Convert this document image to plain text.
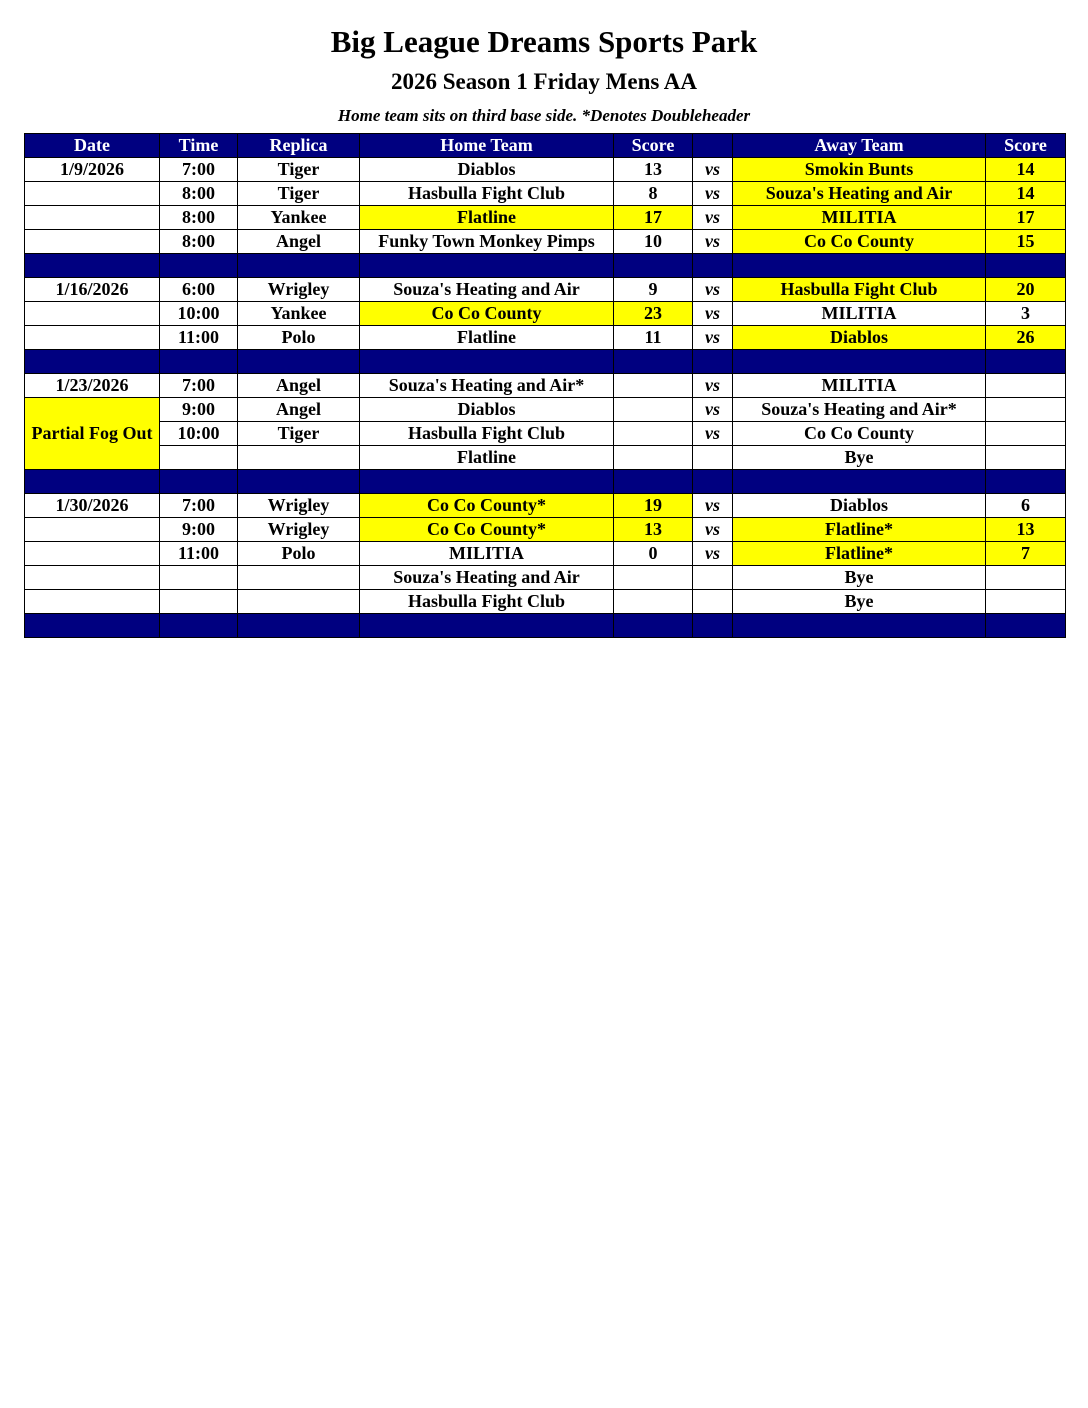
Big League Dreams Sports Park
2026 Season 1 Friday Mens AA
Home team sits on third base side. *Denotes Doubleheader
Date	Time	Replica	Home Team	Score		Away Team	Score
1/9/2026	7:00	Tiger	Diablos	13	vs	Smokin Bunts	14
	8:00	Tiger	Hasbulla Fight Club	8	vs	Souza's Heating and Air	14
	8:00	Yankee	Flatline	17	vs	MILITIA	17
	8:00	Angel	Funky Town Monkey Pimps	10	vs	Co Co County	15

1/16/2026	6:00	Wrigley	Souza's Heating and Air	9	vs	Hasbulla Fight Club	20
	10:00	Yankee	Co Co County	23	vs	MILITIA	3
	11:00	Polo	Flatline	11	vs	Diablos	26

1/23/2026	7:00	Angel	Souza's Heating and Air*		vs	MILITIA	
Partial Fog Out	9:00	Angel	Diablos		vs	Souza's Heating and Air*	
	10:00	Tiger	Hasbulla Fight Club		vs	Co Co County	
			Flatline			Bye	

1/30/2026	7:00	Wrigley	Co Co County*	19	vs	Diablos	6
	9:00	Wrigley	Co Co County*	13	vs	Flatline*	13
	11:00	Polo	MILITIA	0	vs	Flatline*	7
			Souza's Heating and Air			Bye	
			Hasbulla Fight Club			Bye	
